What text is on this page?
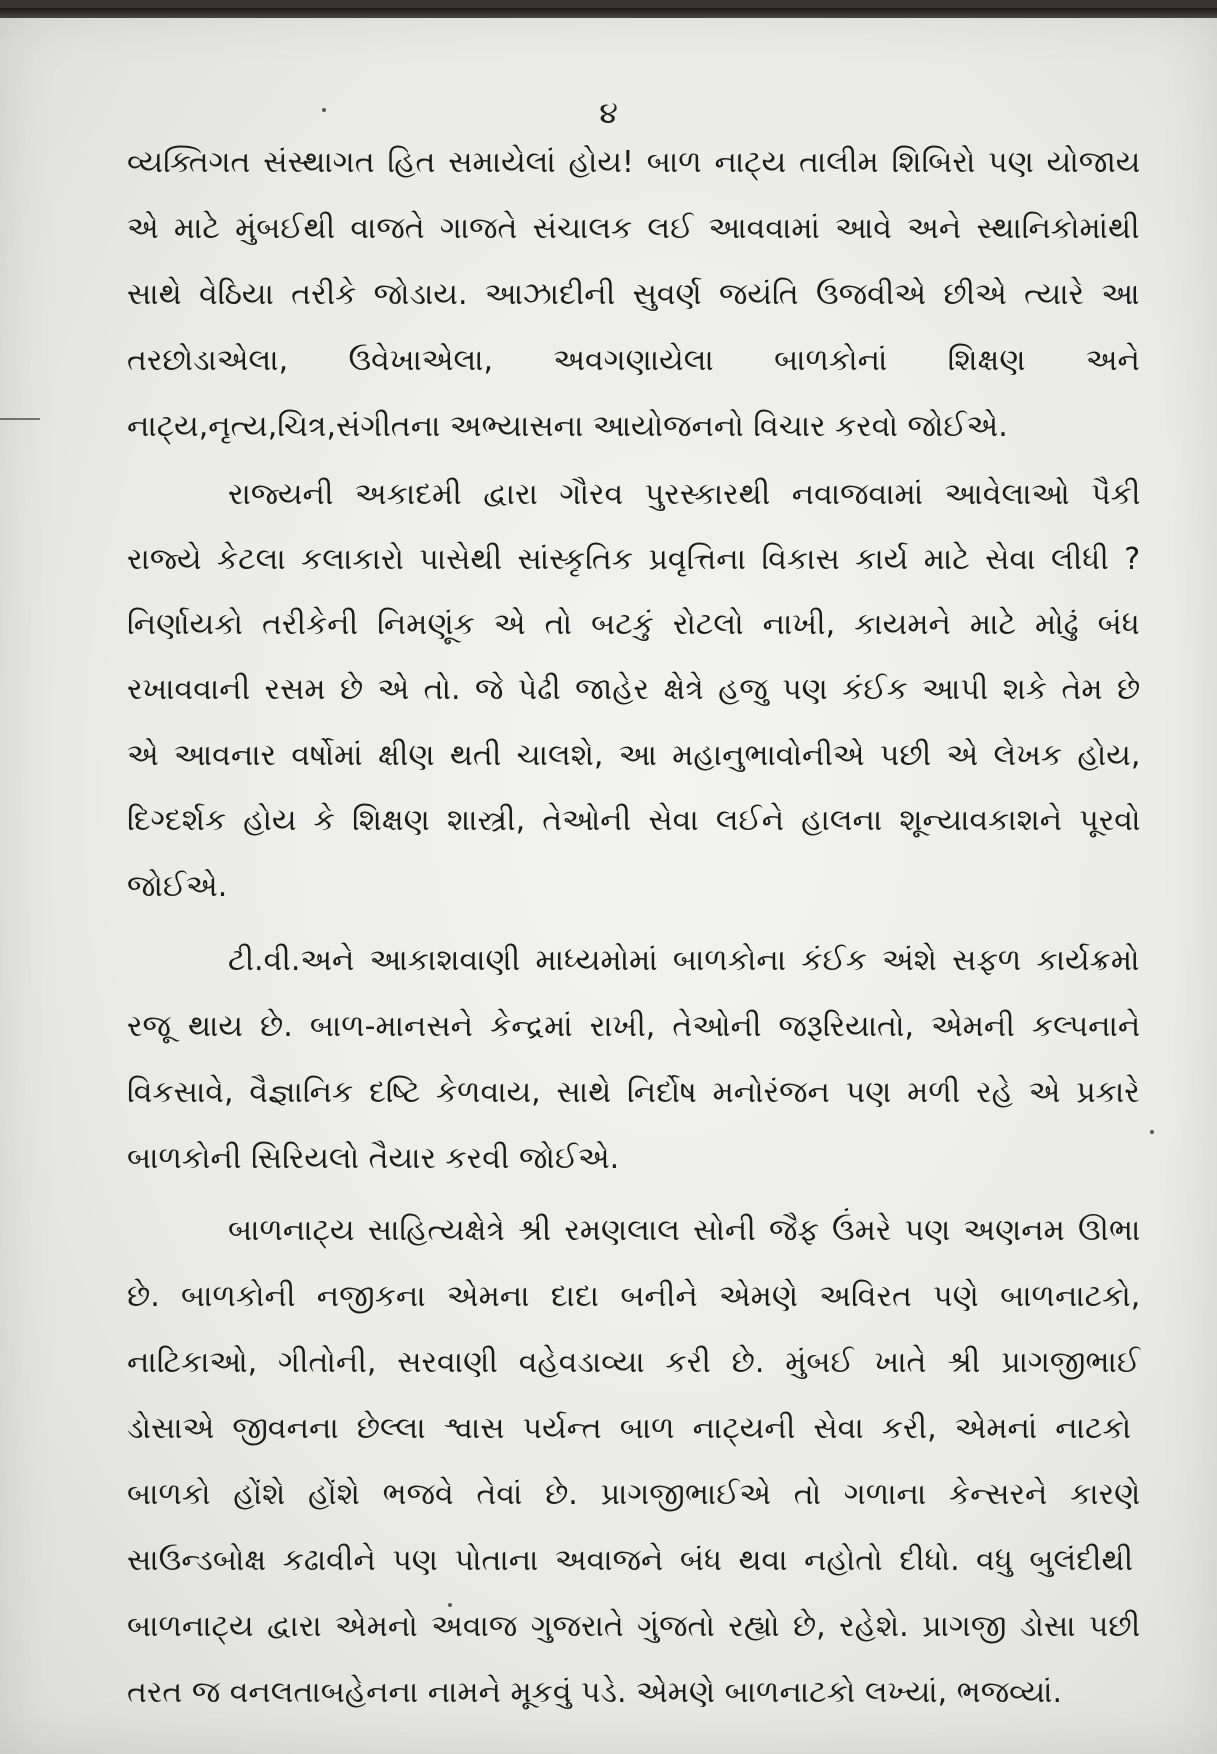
૪
વ્યક્તિગત સંસ્થાગત હિત સમાયેલાં હોય! બાળ નાટ્ય તાલીમ શિબિરો પણ યોજાય
એ માટે મુંબઈથી વાજતે ગાજતે સંચાલક લઈ આવવામાં આવે અને સ્થાનિકોમાંથી
સાથે વેઠિયા તરીકે જોડાય. આઝાદીની સુવર્ણ જયંતિ ઉજવીએ છીએ ત્યારે આ
તરછોડાએલા, ઉવેખાએલા, અવગણાયેલા બાળકોનાં શિક્ષણ અને
નાટ્ય,નૃત્ય,ચિત્ર,સંગીતના અભ્યાસના આયોજનનો વિચાર કરવો જોઈએ.
રાજ્યની અકાદમી દ્વારા ગૌરવ પુરસ્કારથી નવાજવામાં આવેલાઓ પૈકી
રાજ્યે કેટલા કલાકારો પાસેથી સાંસ્કૃતિક પ્રવૃત્તિના વિકાસ કાર્ય માટે સેવા લીધી ?
નિર્ણાયકો તરીકેની નિમણૂંક એ તો બટકું રોટલો નાખી, કાયમને માટે મોઢું બંધ
રખાવવાની રસમ છે એ તો. જે પેઢી જાહેર ક્ષેત્રે હજુ પણ કંઈક આપી શકે તેમ છે
એ આવનાર વર્ષોમાં ક્ષીણ થતી ચાલશે, આ મહાનુભાવોનીએ પછી એ લેખક હોય,
દિગ્દર્શક હોય કે શિક્ષણ શાસ્ત્રી, તેઓની સેવા લઈને હાલના શૂન્યાવકાશને પૂરવો
જોઈએ.
ટી.વી.અને આકાશવાણી માધ્યમોમાં બાળકોના કંઈક અંશે સફળ કાર્યક્રમો
રજૂ થાય છે. બાળ-માનસને કેન્દ્રમાં રાખી, તેઓની જરૂરિયાતો, એમની કલ્પનાને
વિકસાવે, વૈજ્ઞાનિક દષ્ટિ કેળવાય, સાથે નિર્દોષ મનોરંજન પણ મળી રહે એ પ્રકારે
બાળકોની સિરિયલો તૈયાર કરવી જોઈએ.
બાળનાટ્ય સાહિત્યક્ષેત્રે શ્રી રમણલાલ સોની જૈફ ઉંમરે પણ અણનમ ઊભા
છે. બાળકોની નજીકના એમના દાદા બનીને એમણે અવિરત પણે બાળનાટકો,
નાટિકાઓ, ગીતોની, સરવાણી વહેવડાવ્યા કરી છે. મુંબઈ ખાતે શ્રી પ્રાગજીભાઈ
ડોસાએ જીવનના છેલ્લા શ્વાસ પર્યન્ત બાળ નાટ્યની સેવા કરી, એમનાં નાટકો
બાળકો હોંશે હોંશે ભજવે તેવાં છે. પ્રાગજીભાઈએ તો ગળાના કેન્સરને કારણે
સાઉન્ડબોક્ષ કઢાવીને પણ પોતાના અવાજને બંધ થવા નહોતો દીધો. વધુ બુલંદીથી
બાળનાટ્ય દ્વારા એમનો અવાજ ગુજરાતે ગુંજતો રહ્યો છે, રહેશે. પ્રાગજી ડોસા પછી
તરત જ વનલતાબહેનના નામને મૂકવું પડે. એમણે બાળનાટકો લખ્યાં, ભજવ્યાં.
